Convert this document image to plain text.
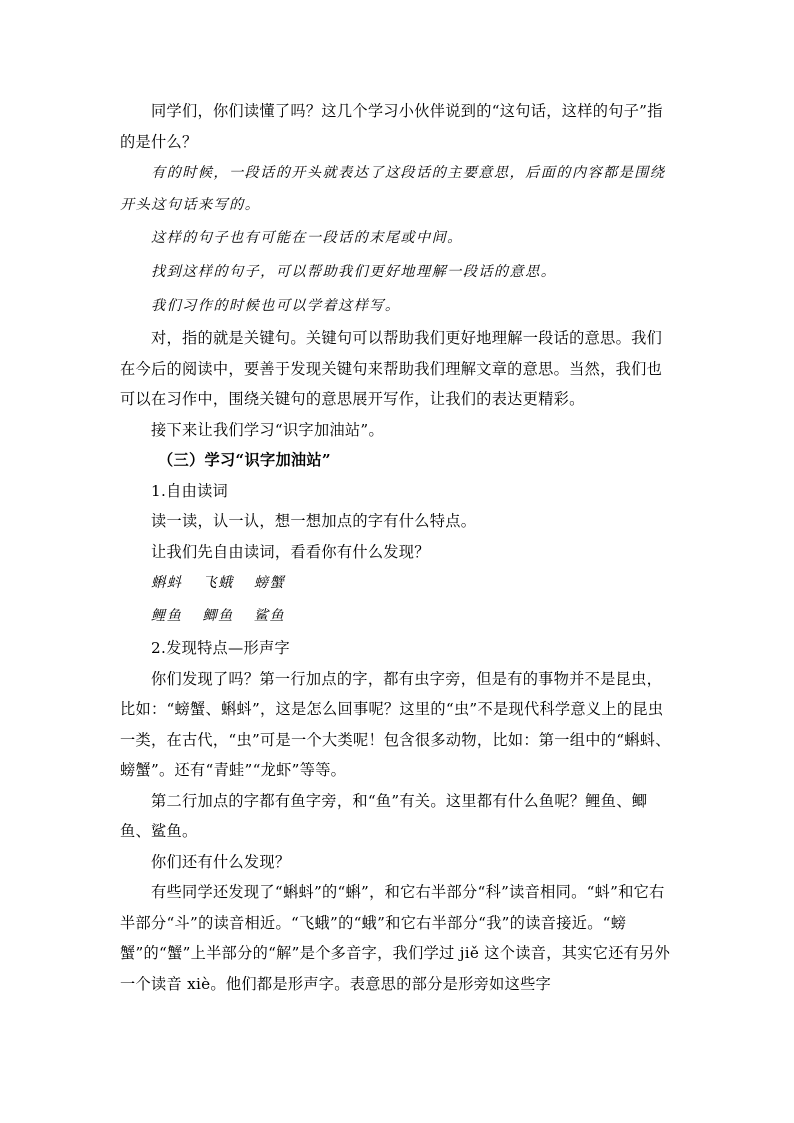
同学们，你们读懂了吗？这几个学习小伙伴说到的“这句话，这样的句子”指的是什么？

有的时候，一段话的开头就表达了这段话的主要意思，后面的内容都是围绕开头这句话来写的。

这样的句子也有可能在一段话的末尾或中间。

找到这样的句子，可以帮助我们更好地理解一段话的意思。

我们习作的时候也可以学着这样写。

对，指的就是关键句。关键句可以帮助我们更好地理解一段话的意思。我们在今后的阅读中，要善于发现关键句来帮助我们理解文章的意思。当然，我们也可以在习作中，围绕关键句的意思展开写作，让我们的表达更精彩。

接下来让我们学习“识字加油站”。

（三）学习“识字加油站”

1.自由读词

读一读，认一认，想一想加点的字有什么特点。

让我们先自由读词，看看你有什么发现？

蝌蚪 飞蛾 螃蟹
鲤鱼 鲫鱼 鲨鱼

2.发现特点—形声字

你们发现了吗？第一行加点的字，都有虫字旁，但是有的事物并不是昆虫，比如：“螃蟹、蝌蚪”，这是怎么回事呢？这里的“虫”不是现代科学意义上的昆虫一类，在古代，“虫”可是一个大类呢！包含很多动物，比如：第一组中的“蝌蚪、螃蟹”。还有“青蛙”“龙虾”等等。

第二行加点的字都有鱼字旁，和“鱼”有关。这里都有什么鱼呢？鲤鱼、鲫鱼、鲨鱼。

你们还有什么发现？

有些同学还发现了“蝌蚪”的“蝌”，和它右半部分“科”读音相同。“蚪”和它右半部分“斗”的读音相近。“飞蛾”的“蛾”和它右半部分“我”的读音接近。“螃蟹”的“蟹”上半部分的“解”是个多音字，我们学过 jiě 这个读音，其实它还有另外一个读音 xiè。他们都是形声字。表意思的部分是形旁如这些字
